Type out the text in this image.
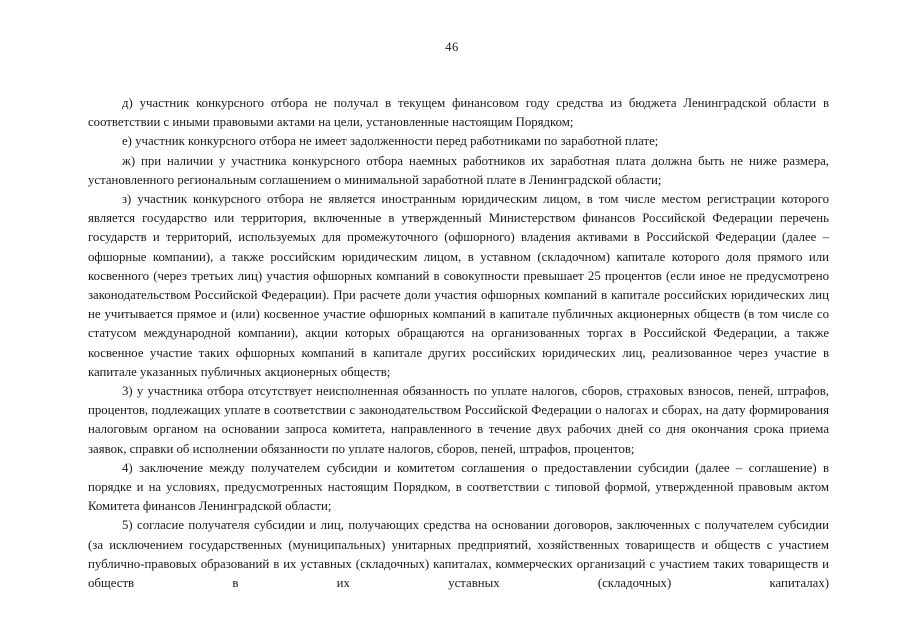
46

д) участник конкурсного отбора не получал в текущем финансовом году средства из бюджета Ленинградской области в соответствии с иными правовыми актами на цели, установленные настоящим Порядком;

е) участник конкурсного отбора не имеет задолженности перед работниками по заработной плате;

ж) при наличии у участника конкурсного отбора наемных работников их заработная плата должна быть не ниже размера, установленного региональным соглашением о минимальной заработной плате в Ленинградской области;

з) участник конкурсного отбора не является иностранным юридическим лицом, в том числе местом регистрации которого является государство или территория, включенные в утвержденный Министерством финансов Российской Федерации перечень государств и территорий, используемых для промежуточного (офшорного) владения активами в Российской Федерации (далее – офшорные компании), а также российским юридическим лицом, в уставном (складочном) капитале которого доля прямого или косвенного (через третьих лиц) участия офшорных компаний в совокупности превышает 25 процентов (если иное не предусмотрено законодательством Российской Федерации). При расчете доли участия офшорных компаний в капитале российских юридических лиц не учитывается прямое и (или) косвенное участие офшорных компаний в капитале публичных акционерных обществ (в том числе со статусом международной компании), акции которых обращаются на организованных торгах в Российской Федерации, а также косвенное участие таких офшорных компаний в капитале других российских юридических лиц, реализованное через участие в капитале указанных публичных акционерных обществ;

3) у участника отбора отсутствует неисполненная обязанность по уплате налогов, сборов, страховых взносов, пеней, штрафов, процентов, подлежащих уплате в соответствии с законодательством Российской Федерации о налогах и сборах, на дату формирования налоговым органом на основании запроса комитета, направленного в течение двух рабочих дней со дня окончания срока приема заявок, справки об исполнении обязанности по уплате налогов, сборов, пеней, штрафов, процентов;

4) заключение между получателем субсидии и комитетом соглашения о предоставлении субсидии (далее – соглашение) в порядке и на условиях, предусмотренных настоящим Порядком, в соответствии с типовой формой, утвержденной правовым актом Комитета финансов Ленинградской области;

5) согласие получателя субсидии и лиц, получающих средства на основании договоров, заключенных с получателем субсидии (за исключением государственных (муниципальных) унитарных предприятий, хозяйственных товариществ и обществ с участием публично-правовых образований в их уставных (складочных) капиталах, коммерческих организаций с участием таких товариществ и обществ в их уставных (складочных) капиталах)
